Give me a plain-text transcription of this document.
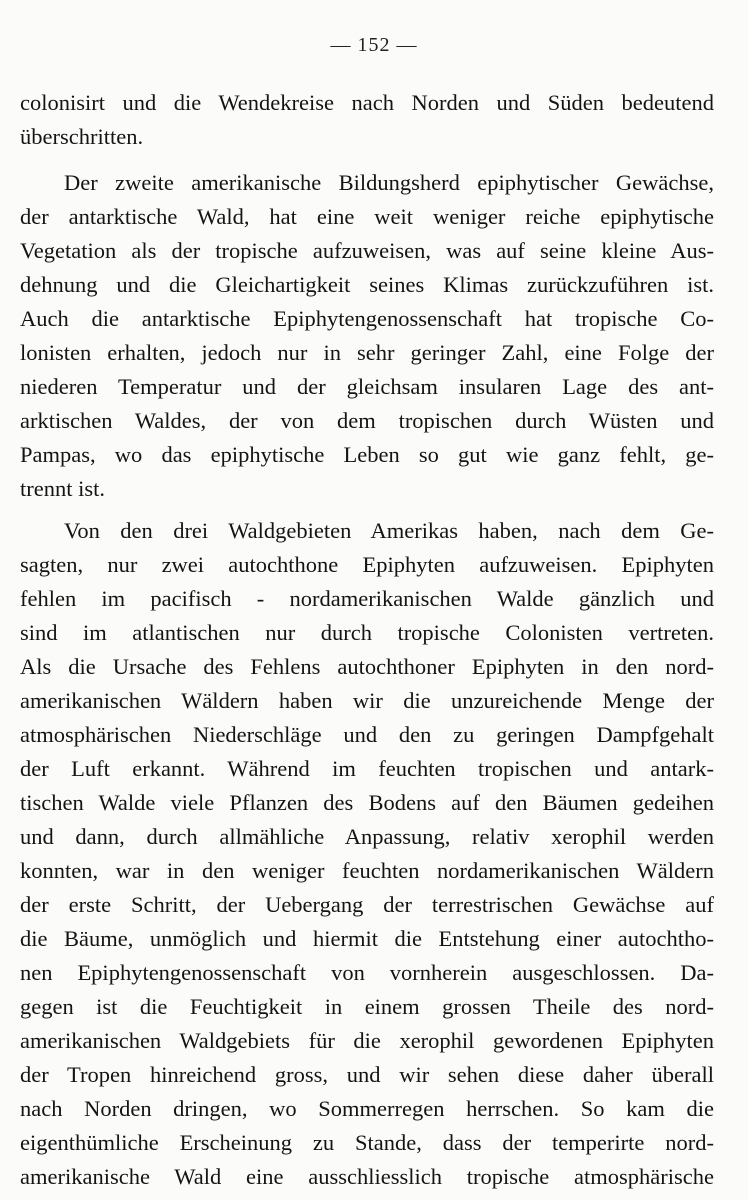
— 152 —
colonisirt und die Wendekreise nach Norden und Süden bedeutend
überschritten.
Der zweite amerikanische Bildungsherd epiphytischer Gewächse,
der antarktische Wald, hat eine weit weniger reiche epiphytische
Vegetation als der tropische aufzuweisen, was auf seine kleine Aus-
dehnung und die Gleichartigkeit seines Klimas zurückzuführen ist.
Auch die antarktische Epiphytengenossenschaft hat tropische Co-
lonisten erhalten, jedoch nur in sehr geringer Zahl, eine Folge der
niederen Temperatur und der gleichsam insularen Lage des ant-
arktischen Waldes, der von dem tropischen durch Wüsten und
Pampas, wo das epiphytische Leben so gut wie ganz fehlt, ge-
trennt ist.
Von den drei Waldgebieten Amerikas haben, nach dem Ge-
sagten, nur zwei autochthone Epiphyten aufzuweisen. Epiphyten
fehlen im pacifisch - nordamerikanischen Walde gänzlich und
sind im atlantischen nur durch tropische Colonisten vertreten.
Als die Ursache des Fehlens autochthoner Epiphyten in den nord-
amerikanischen Wäldern haben wir die unzureichende Menge der
atmosphärischen Niederschläge und den zu geringen Dampfgehalt
der Luft erkannt. Während im feuchten tropischen und antark-
tischen Walde viele Pflanzen des Bodens auf den Bäumen gedeihen
und dann, durch allmähliche Anpassung, relativ xerophil werden
konnten, war in den weniger feuchten nordamerikanischen Wäldern
der erste Schritt, der Uebergang der terrestrischen Gewächse auf
die Bäume, unmöglich und hiermit die Entstehung einer autochtho-
nen Epiphytengenossenschaft von vornherein ausgeschlossen. Da-
gegen ist die Feuchtigkeit in einem grossen Theile des nord-
amerikanischen Waldgebiets für die xerophil gewordenen Epiphyten
der Tropen hinreichend gross, und wir sehen diese daher überall
nach Norden dringen, wo Sommerregen herrschen. So kam die
eigenthümliche Erscheinung zu Stande, dass der temperirte nord-
amerikanische Wald eine ausschliesslich tropische atmosphärische
